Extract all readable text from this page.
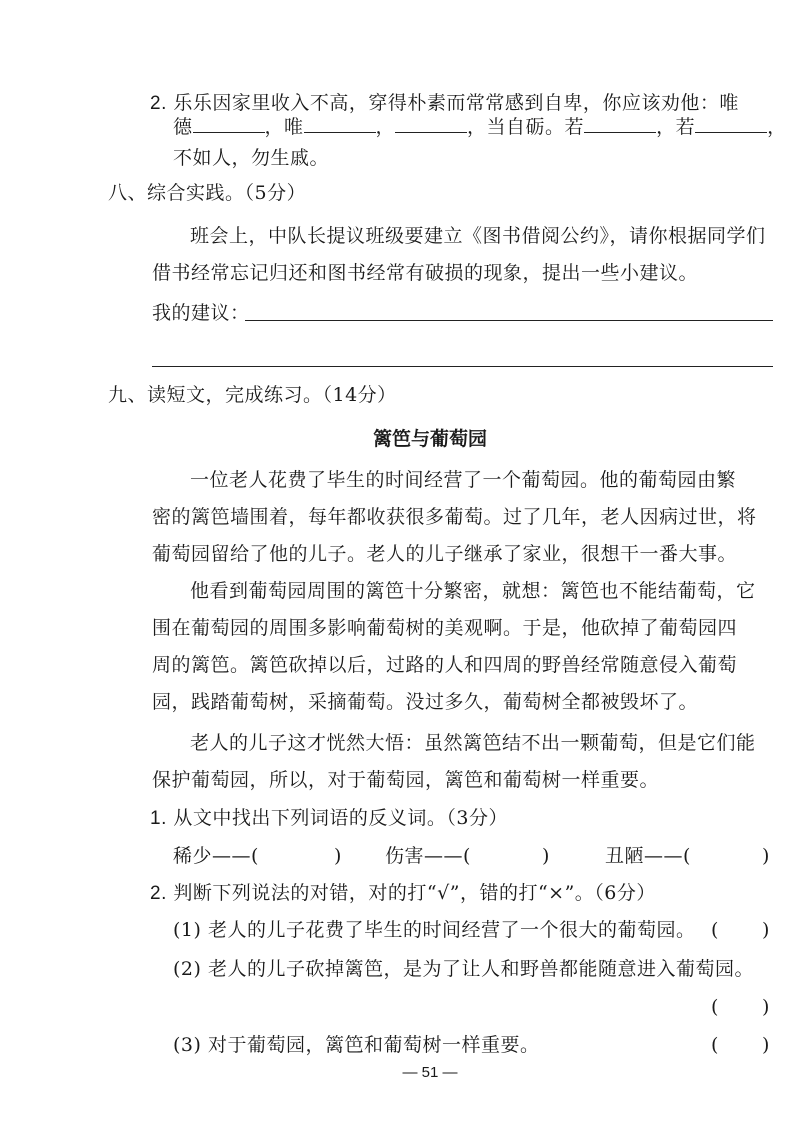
2. 乐乐因家里收入不高，穿得朴素而常常感到自卑，你应该劝他：唯
德	，唯	，	，当自砺。若	，若	，
不如人，勿生戚。
八、综合实践。（5分）
班会上，中队长提议班级要建立《图书借阅公约》，请你根据同学们
借书经常忘记归还和图书经常有破损的现象，提出一些小建议。
我的建议：
九、读短文，完成练习。（14分）
篱笆与葡萄园
一位老人花费了毕生的时间经营了一个葡萄园。他的葡萄园由繁
密的篱笆墙围着，每年都收获很多葡萄。过了几年，老人因病过世，将
葡萄园留给了他的儿子。老人的儿子继承了家业，很想干一番大事。
他看到葡萄园周围的篱笆十分繁密，就想：篱笆也不能结葡萄，它
围在葡萄园的周围多影响葡萄树的美观啊。于是，他砍掉了葡萄园四
周的篱笆。篱笆砍掉以后，过路的人和四周的野兽经常随意侵入葡萄
园，践踏葡萄树，采摘葡萄。没过多久，葡萄树全都被毁坏了。
老人的儿子这才恍然大悟：虽然篱笆结不出一颗葡萄，但是它们能
保护葡萄园，所以，对于葡萄园，篱笆和葡萄树一样重要。
1. 从文中找出下列词语的反义词。（3分）
稀少——(	) 伤害——(	)	丑陋——(	)
2. 判断下列说法的对错，对的打“√”，错的打“×”。（6分）
(1) 老人的儿子花费了毕生的时间经营了一个很大的葡萄园。 ( )
(2) 老人的儿子砍掉篱笆，是为了让人和野兽都能随意进入葡萄园。
( )
(3) 对于葡萄园，篱笆和葡萄树一样重要。	( )
— 51 —
